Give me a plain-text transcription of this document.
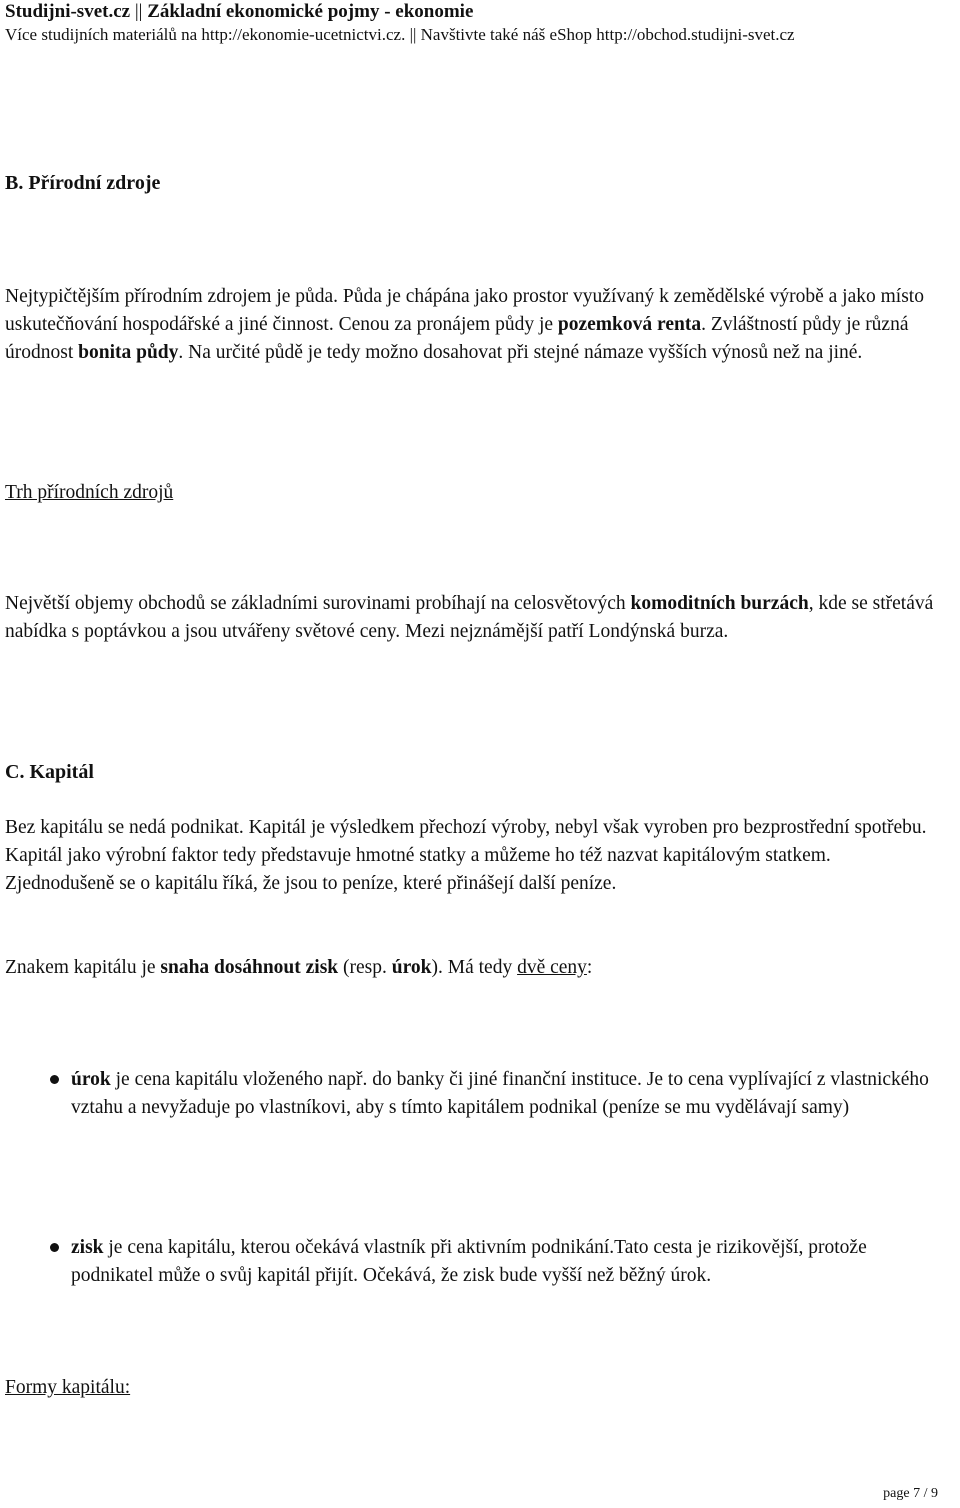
Studijni-svet.cz || Základní ekonomické pojmy - ekonomie
Více studijních materiálů na http://ekonomie-ucetnictvi.cz. || Navštivte také náš eShop http://obchod.studijni-svet.cz
B. Přírodní zdroje
Nejtypičtějším přírodním zdrojem je půda. Půda je chápána jako prostor využívaný k zemědělské výrobě a jako místo uskutečňování hospodářské a jiné činnost. Cenou za pronájem půdy je pozemková renta. Zvláštností půdy je různá úrodnost bonita půdy. Na určité půdě je tedy možno dosahovat při stejné námaze vyšších výnosů než na jiné.
Trh přírodních zdrojů
Největší objemy obchodů se základními surovinami probíhají na celosvětových komoditních burzách, kde se střetává nabídka s poptávkou a jsou utvářeny světové ceny. Mezi nejznámější patří Londýnská burza.
C. Kapitál
Bez kapitálu se nedá podnikat. Kapitál je výsledkem přechozí výroby, nebyl však vyroben pro bezprostřední spotřebu. Kapitál jako výrobní faktor tedy představuje hmotné statky a můžeme ho též nazvat kapitálovým statkem. Zjednodušeně se o kapitálu říká, že jsou to peníze, které přinášejí další peníze.
Znakem kapitálu je snaha dosáhnout zisk (resp. úrok). Má tedy dvě ceny:
úrok je cena kapitálu vloženého např. do banky či jiné finanční instituce. Je to cena vyplívající z vlastnického vztahu a nevyžaduje po vlastníkovi, aby s tímto kapitálem podnikal (peníze se mu vydělávají samy)
zisk je cena kapitálu, kterou očekává vlastník při aktivním podnikání.Tato cesta je rizikovější, protože podnikatel může o svůj kapitál přijít. Očekává, že zisk bude vyšší než běžný úrok.
Formy kapitálu:
page 7 / 9
